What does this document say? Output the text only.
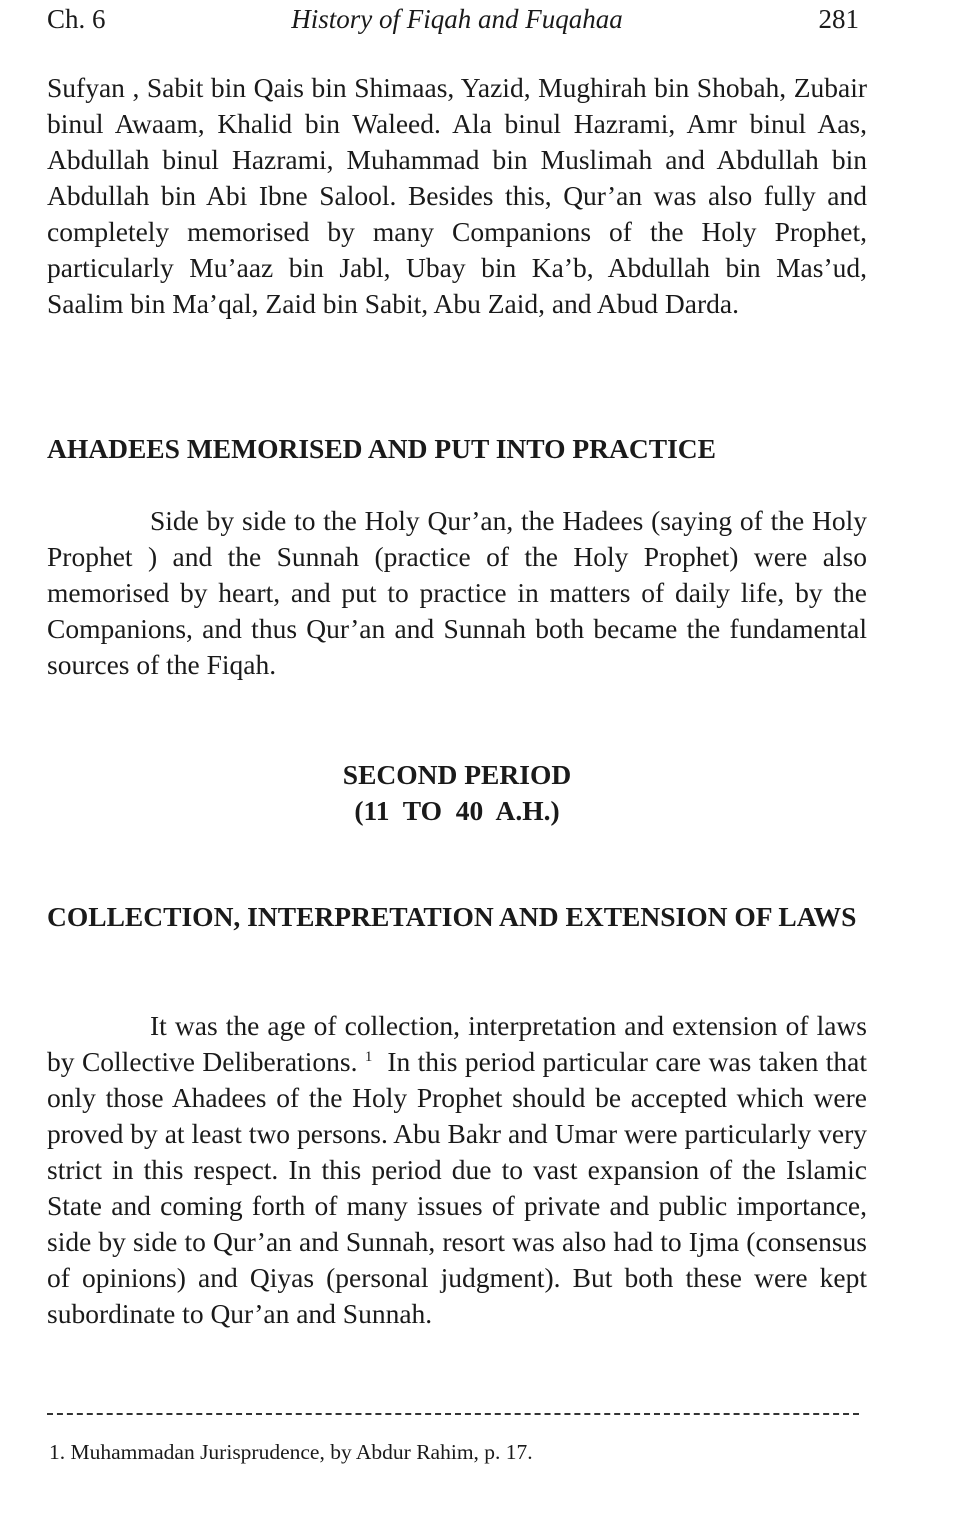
Ch. 6	History of Fiqah and Fuqahaa	281

Sufyan , Sabit bin Qais bin Shimaas, Yazid, Mughirah bin Shobah, Zubair binul Awaam, Khalid bin Waleed. Ala binul Hazrami, Amr binul Aas, Abdullah binul Hazrami, Muhammad bin Muslimah and Abdullah bin Abdullah bin Abi Ibne Salool. Besides this, Qur’an was also fully and completely memorised by many Companions of the Holy Prophet, particularly Mu’aaz bin Jabl, Ubay bin Ka’b, Abdullah bin Mas’ud, Saalim bin Ma’qal, Zaid bin Sabit, Abu Zaid, and Abud Darda.

AHADEES MEMORISED AND PUT INTO PRACTICE

Side by side to the Holy Qur’an, the Hadees (saying of the Holy Prophet ) and the Sunnah (practice of the Holy Prophet) were also memorised by heart, and put to practice in matters of daily life, by the Companions, and thus Qur’an and Sunnah both became the fundamental sources of the Fiqah.

SECOND PERIOD
(11  TO  40  A.H.)
COLLECTION, INTERPRETATION AND EXTENSION OF LAWS

It was the age of collection, interpretation and extension of laws by Collective Deliberations. $^1$ In this period particular care was taken that only those Ahadees of the Holy Prophet should be accepted which were proved by at least two persons. Abu Bakr and Umar were particularly very strict in this respect. In this period due to vast expansion of the Islamic State and coming forth of many issues of private and public importance, side by side to Qur’an and Sunnah, resort was also had to Ijma (consensus of opinions) and Qiyas (personal judgment). But both these were kept subordinate to Qur’an and Sunnah.

1. Muhammadan Jurisprudence, by Abdur Rahim, p. 17.
